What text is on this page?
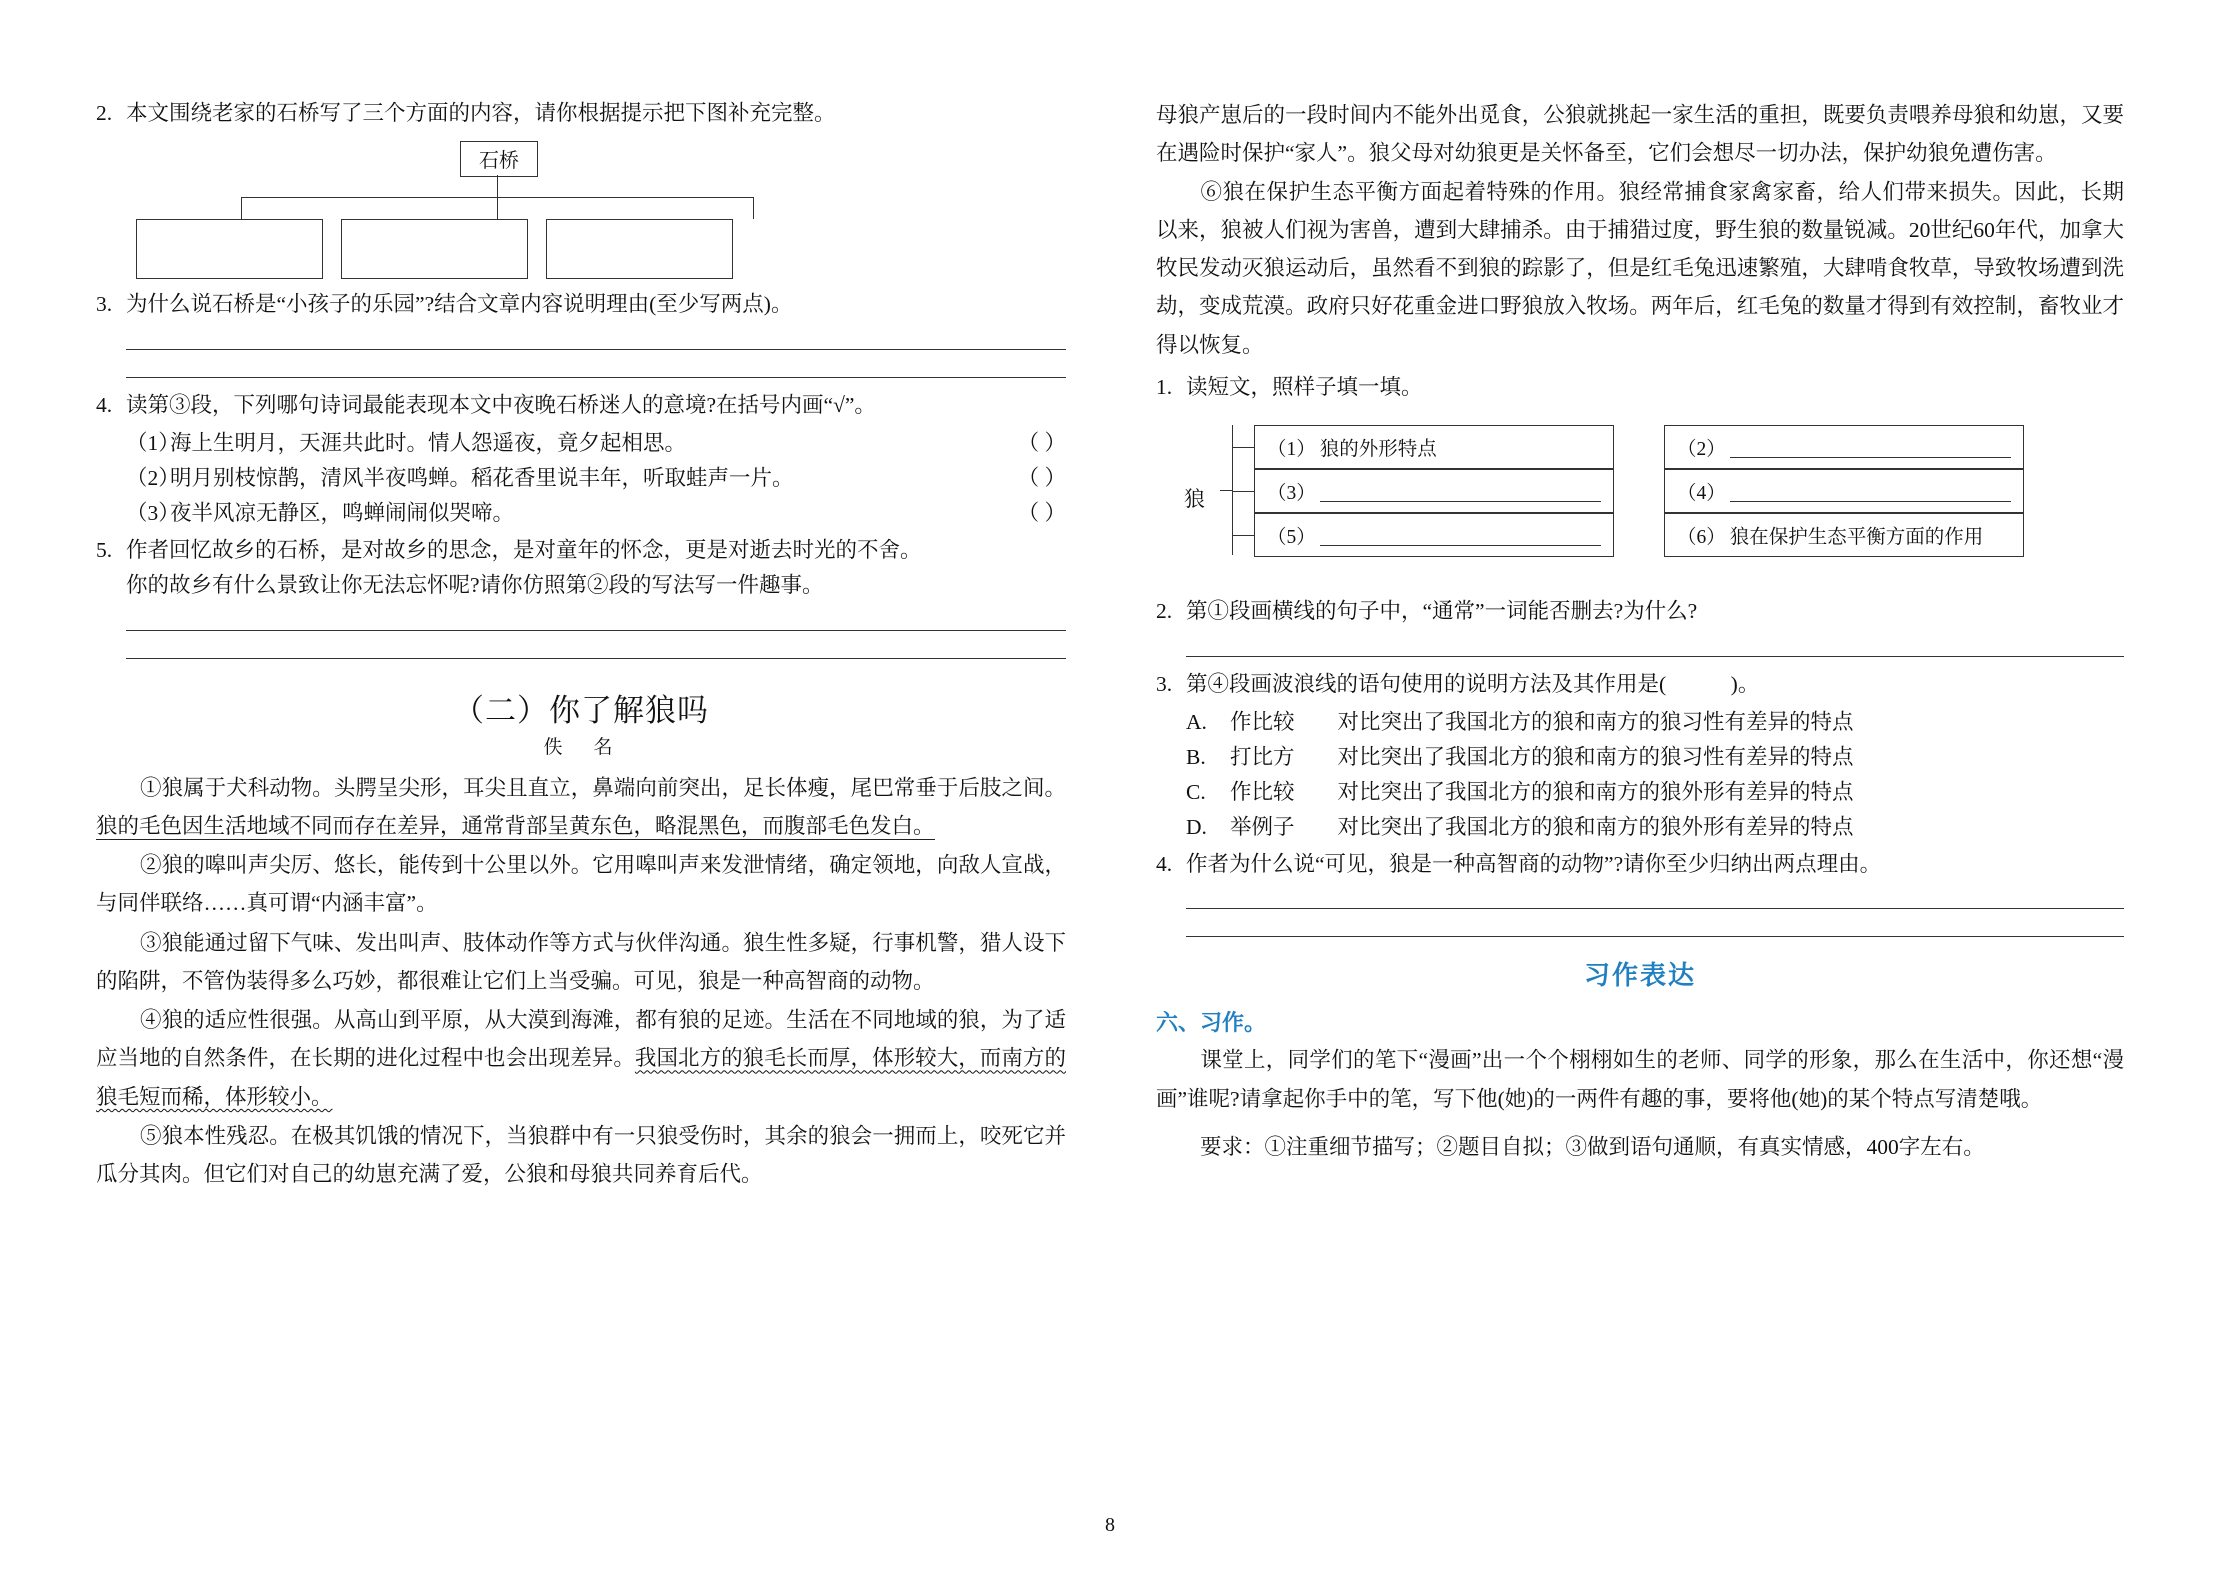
2. 本文围绕老家的石桥写了三个方面的内容，请你根据提示把下图补充完整。
石桥
3. 为什么说石桥是“小孩子的乐园”?结合文章内容说明理由(至少写两点)。
4. 读第③段，下列哪句诗词最能表现本文中夜晚石桥迷人的意境?在括号内画“√”。
（1）
海上生明月，天涯共此时。情人怨遥夜，竟夕起相思。	（ ）
（2）
明月别枝惊鹊，清风半夜鸣蝉。稻花香里说丰年，听取蛙声一片。	（ ）
（3）
夜半风凉无静区，鸣蝉闹闹似哭啼。	（ ）
5. 作者回忆故乡的石桥，是对故乡的思念，是对童年的怀念，更是对逝去时光的不舍。
你的故乡有什么景致让你无法忘怀呢?请你仿照第②段的写法写一件趣事。
（二）你了解狼吗
佚　名

①狼属于犬科动物。头腭呈尖形，耳尖且直立，鼻端向前突出，足长体瘦，尾巴常垂于后肢之间。狼的毛色因生活地域不同而存在差异，通常背部呈黄东色，略混黑色，而腹部毛色发白。

②狼的嗥叫声尖厉、悠长，能传到十公里以外。它用嗥叫声来发泄情绪，确定领地，向敌人宣战，与同伴联络……真可谓“内涵丰富”。

③狼能通过留下气味、发出叫声、肢体动作等方式与伙伴沟通。狼生性多疑，行事机警，猎人设下的陷阱，不管伪装得多么巧妙，都很难让它们上当受骗。可见，狼是一种高智商的动物。

④狼的适应性很强。从高山到平原，从大漠到海滩，都有狼的足迹。生活在不同地域的狼，为了适应当地的自然条件，在长期的进化过程中也会出现差异。我国北方的狼毛长而厚，体形较大，而南方的狼毛短而稀，体形较小。

⑤狼本性残忍。在极其饥饿的情况下，当狼群中有一只狼受伤时，其余的狼会一拥而上，咬死它并瓜分其肉。但它们对自己的幼崽充满了爱，公狼和母狼共同养育后代。

母狼产崽后的一段时间内不能外出觅食，公狼就挑起一家生活的重担，既要负责喂养母狼和幼崽，又要在遇险时保护“家人”。狼父母对幼狼更是关怀备至，它们会想尽一切办法，保护幼狼免遭伤害。

⑥狼在保护生态平衡方面起着特殊的作用。狼经常捕食家禽家畜，给人们带来损失。因此，长期以来，狼被人们视为害兽，遭到大肆捕杀。由于捕猎过度，野生狼的数量锐减。20世纪60年代，加拿大牧民发动灭狼运动后，虽然看不到狼的踪影了，但是红毛兔迅速繁殖，大肆啃食牧草，导致牧场遭到洗劫，变成荒漠。政府只好花重金进口野狼放入牧场。两年后，红毛兔的数量才得到有效控制，畜牧业才得以恢复。

1. 读短文，照样子填一填。
狼
（1） 狼的外形特点	（2）
（3）	（4）
（5）	（6） 狼在保护生态平衡方面的作用
2. 第①段画横线的句子中，“通常”一词能否删去?为什么?
3. 第④段画波浪线的语句使用的说明方法及其作用是(　　　)。
A.	作比较　　对比突出了我国北方的狼和南方的狼习性有差异的特点
B.	打比方　　对比突出了我国北方的狼和南方的狼习性有差异的特点
C.	作比较　　对比突出了我国北方的狼和南方的狼外形有差异的特点
D.	举例子　　对比突出了我国北方的狼和南方的狼外形有差异的特点
4. 作者为什么说“可见，狼是一种高智商的动物”?请你至少归纳出两点理由。
习作表达
六、习作。

课堂上，同学们的笔下“漫画”出一个个栩栩如生的老师、同学的形象，那么在生活中，你还想“漫画”谁呢?请拿起你手中的笔，写下他(她)的一两件有趣的事，要将他(她)的某个特点写清楚哦。

要求：①注重细节描写；②题目自拟；③做到语句通顺，有真实情感，400字左右。

8
